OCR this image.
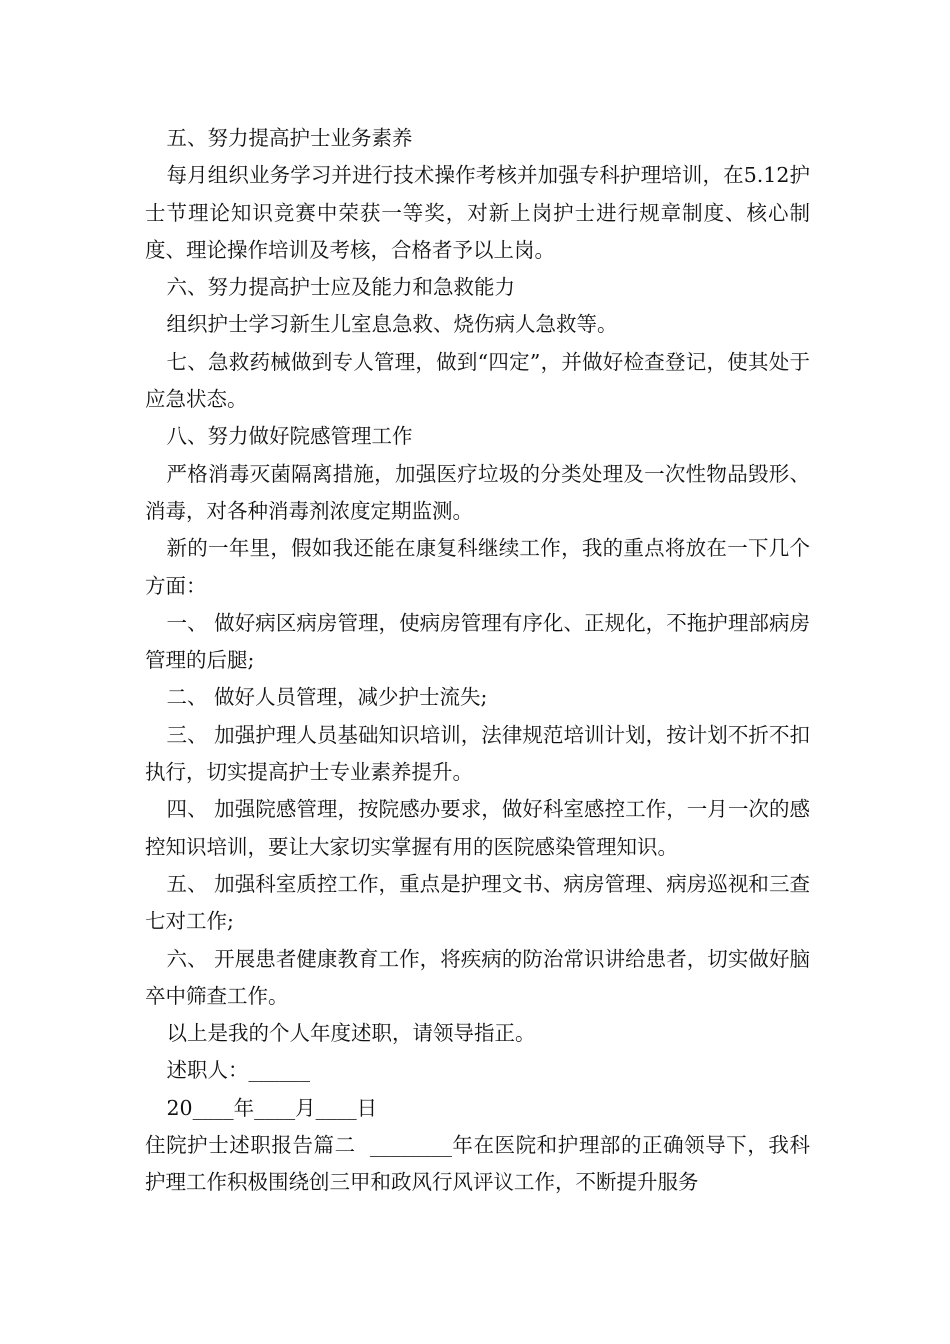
五、努力提高护士业务素养

每月组织业务学习并进行技术操作考核并加强专科护理培训，在5.12护士节理论知识竞赛中荣获一等奖，对新上岗护士进行规章制度、核心制度、理论操作培训及考核，合格者予以上岗。

六、努力提高护士应及能力和急救能力

组织护士学习新生儿室息急救、烧伤病人急救等。

七、急救药械做到专人管理，做到“四定”，并做好检查登记，使其处于应急状态。

八、努力做好院感管理工作

严格消毒灭菌隔离措施，加强医疗垃圾的分类处理及一次性物品毁形、消毒，对各种消毒剂浓度定期监测。

新的一年里，假如我还能在康复科继续工作，我的重点将放在一下几个方面：

一、 做好病区病房管理，使病房管理有序化、正规化，不拖护理部病房管理的后腿;

二、 做好人员管理，减少护士流失;

三、 加强护理人员基础知识培训，法律规范培训计划，按计划不折不扣执行，切实提高护士专业素养提升。

四、 加强院感管理，按院感办要求，做好科室感控工作，一月一次的感控知识培训，要让大家切实掌握有用的医院感染管理知识。

五、 加强科室质控工作，重点是护理文书、病房管理、病房巡视和三查七对工作;

六、 开展患者健康教育工作，将疾病的防治常识讲给患者，切实做好脑卒中筛查工作。

以上是我的个人年度述职，请领导指正。

述职人：______

20____年____月____日

住院护士述职报告篇二  ________年在医院和护理部的正确领导下，我科护理工作积极围绕创三甲和政风行风评议工作，不断提升服务
